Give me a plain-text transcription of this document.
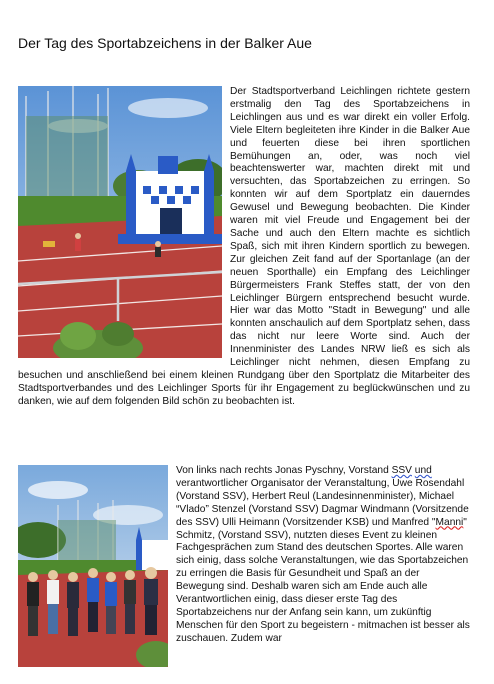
Der Tag des Sportabzeichens in der Balker Aue
Der Stadtsportverband Leichlingen richtete gestern erstmalig den Tag des Sportabzeichens in Leichlingen aus und es war direkt ein voller Erfolg. Viele Eltern begleiteten ihre Kinder in die Balker Aue und feuerten diese bei ihren sportlichen Bemühungen an, oder, was noch viel beachtenswerter war, machten direkt mit und versuchten, das Sportabzeichen zu erringen. So konnten wir auf dem Sportplatz ein dauerndes Gewusel und Bewegung beobachten. Die Kinder waren mit viel Freude und Engagement bei der Sache und auch den Eltern machte es sichtlich Spaß, sich mit ihren Kindern sportlich zu bewegen. Zur gleichen Zeit fand auf der Sportanlage (an der neuen Sporthalle) ein Empfang des Leichlinger Bürgermeisters Frank Steffes statt, der von den Leichlinger Bürgern entsprechend besucht wurde. Hier war das Motto "Stadt in Bewegung" und alle konnten anschaulich auf dem Sportplatz sehen, dass das nicht nur leere Worte sind. Auch der Innenminister des Landes NRW ließ es sich als Leichlinger nicht nehmen, diesen Empfang zu besuchen und anschließend bei einem kleinen Rundgang über den Sportplatz die Mitarbeiter des Stadtsportverbandes und des Leichlinger Sports für ihr Engagement zu beglückwünschen und zu danken, wie auf dem folgenden Bild schön zu beobachten ist.
Von links nach rechts Jonas Pyschny, Vorstand SSV und verantwortlicher Organisator der Veranstaltung, Uwe Rosendahl (Vorstand SSV), Herbert Reul (Landesinnenminister), Michael “Vlado” Stenzel (Vorstand SSV) Dagmar Windmann (Vorsitzende des SSV) Ulli Heimann (Vorsitzender KSB) und Manfred "Manni" Schmitz, (Vorstand SSV), nutzten dieses Event zu kleinen Fachgesprächen zum Stand des deutschen Sportes. Alle waren sich einig, dass solche Veranstaltungen, wie das Sportabzeichen zu erringen die Basis für Gesundheit und Spaß an der Bewegung sind. Deshalb waren sich am Ende auch alle Verantwortlichen einig, dass dieser erste Tag des Sportabzeichens nur der Anfang sein kann, um zukünftig Menschen für den Sport zu begeistern - mitmachen ist besser als zuschauen. Zudem war
